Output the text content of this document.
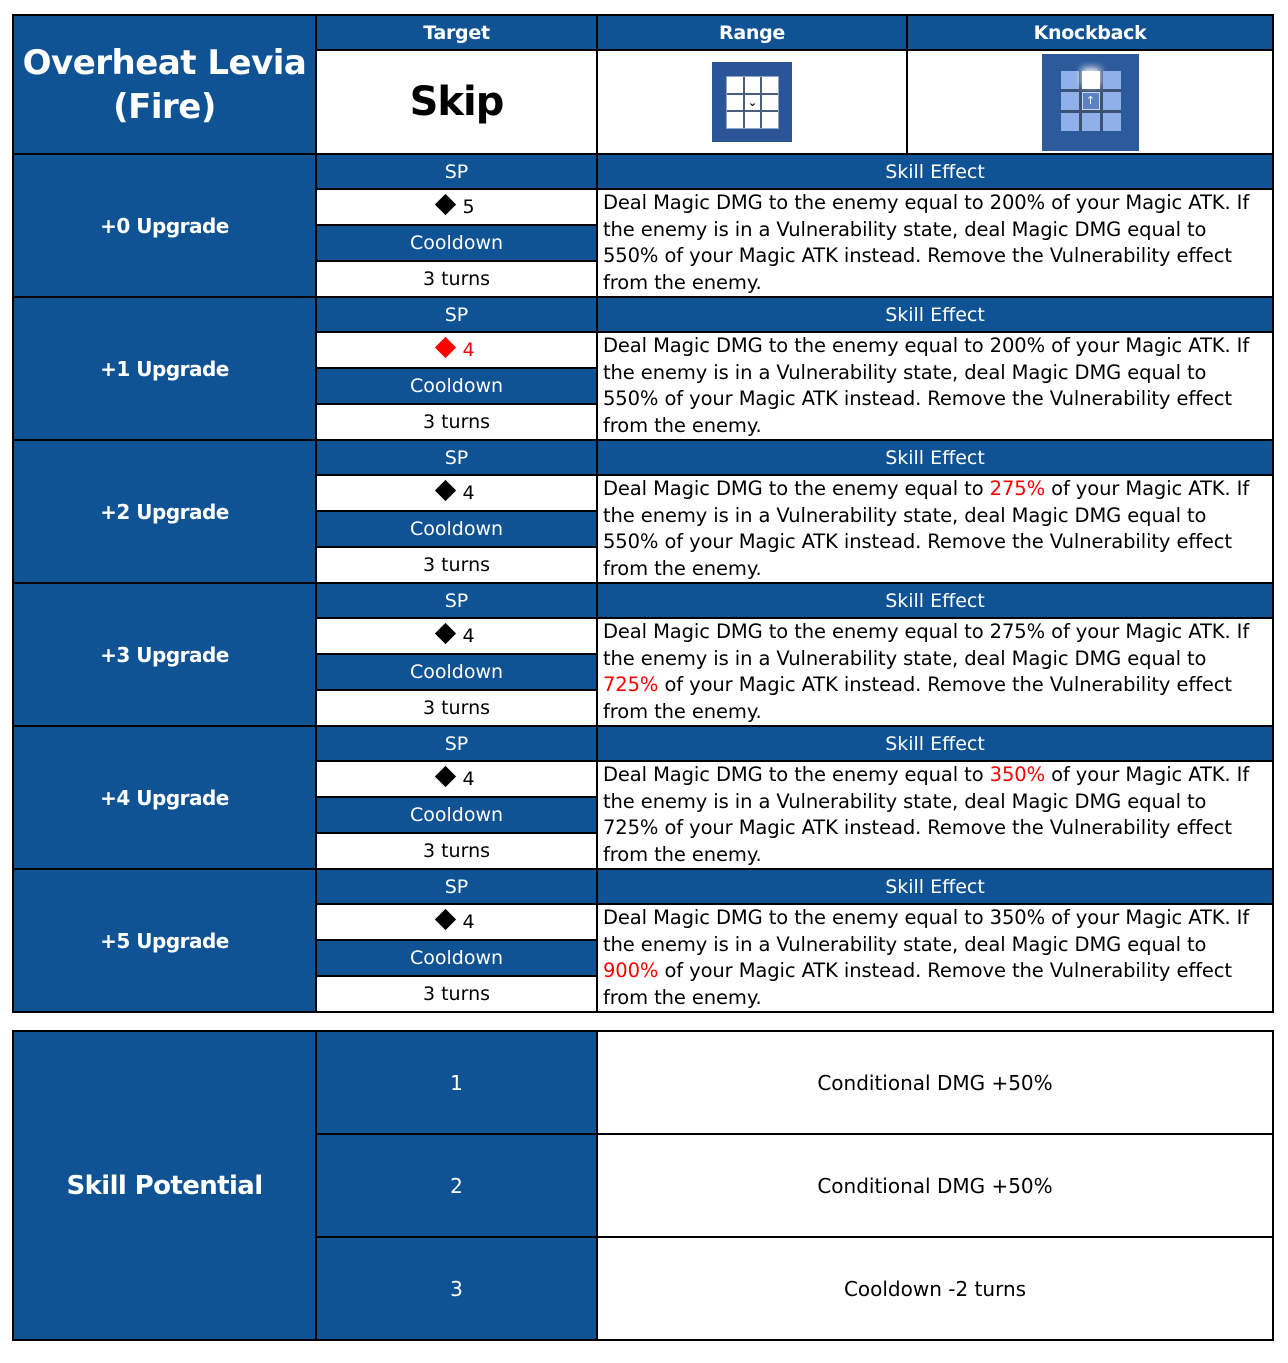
Overheat Levia
(Fire)	Target	Range	Knockback
	Skip	⌄	↑

+0 Upgrade	SP	Skill Effect	
	5	Deal Magic DMG to the enemy equal to 200% of your Magic ATK. If the enemy is in a Vulnerability state, deal Magic DMG equal to 550% of your Magic ATK instead. Remove the Vulnerability effect from the enemy.	
	Cooldown		
	3 turns		
+1 Upgrade	SP	Skill Effect	
	4	Deal Magic DMG to the enemy equal to 200% of your Magic ATK. If the enemy is in a Vulnerability state, deal Magic DMG equal to 550% of your Magic ATK instead. Remove the Vulnerability effect from the enemy.	
	Cooldown		
	3 turns		
+2 Upgrade	SP	Skill Effect	
	4	Deal Magic DMG to the enemy equal to 275% of your Magic ATK. If the enemy is in a Vulnerability state, deal Magic DMG equal to 550% of your Magic ATK instead. Remove the Vulnerability effect from the enemy.	
	Cooldown		
	3 turns		
+3 Upgrade	SP	Skill Effect	
	4	Deal Magic DMG to the enemy equal to 275% of your Magic ATK. If the enemy is in a Vulnerability state, deal Magic DMG equal to 725% of your Magic ATK instead. Remove the Vulnerability effect from the enemy.	
	Cooldown		
	3 turns		
+4 Upgrade	SP	Skill Effect	
	4	Deal Magic DMG to the enemy equal to 350% of your Magic ATK. If the enemy is in a Vulnerability state, deal Magic DMG equal to 725% of your Magic ATK instead. Remove the Vulnerability effect from the enemy.	
	Cooldown		
	3 turns		
+5 Upgrade	SP	Skill Effect	
	4	Deal Magic DMG to the enemy equal to 350% of your Magic ATK. If the enemy is in a Vulnerability state, deal Magic DMG equal to 900% of your Magic ATK instead. Remove the Vulnerability effect from the enemy.	
	Cooldown		
	3 turns		
Skill Potential	1	Conditional DMG +50%
	2	Conditional DMG +50%
	3	Cooldown -2 turns
